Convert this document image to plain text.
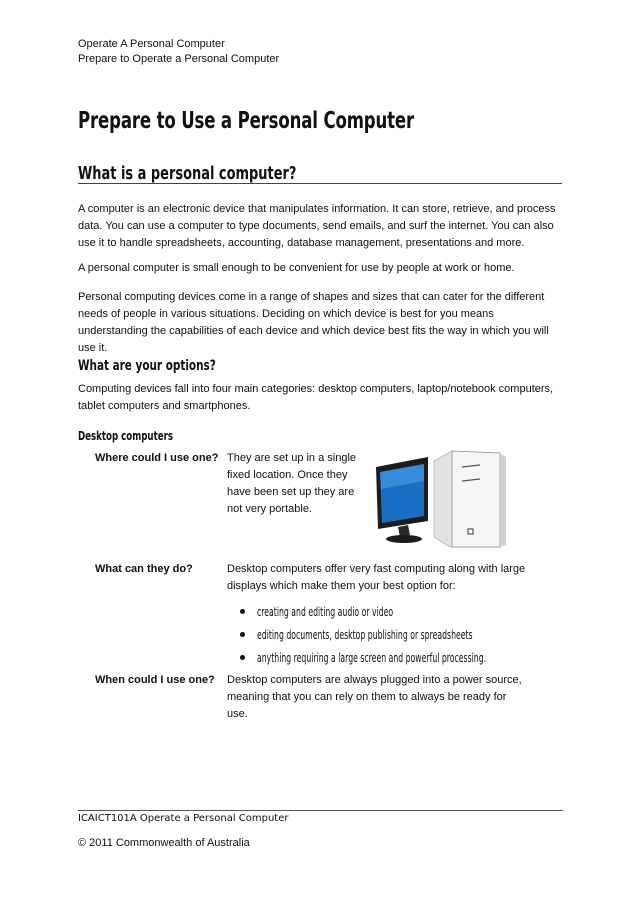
Operate A Personal Computer
Prepare to Operate a Personal Computer
Prepare to Use a Personal Computer
What is a personal computer?

A computer is an electronic device that manipulates information. It can store, retrieve, and process data. You can use a computer to type documents, send emails, and surf the internet. You can also use it to handle spreadsheets, accounting, database management, presentations and more.

A personal computer is small enough to be convenient for use by people at work or home.

Personal computing devices come in a range of shapes and sizes that can cater for the different needs of people in various situations. Deciding on which device is best for you means understanding the capabilities of each device and which device best fits the way in which you will use it.

What are your options?

Computing devices fall into four main categories: desktop computers, laptop/notebook computers, tablet computers and smartphones.

Desktop computers
Where could I use one? They are set up in a single fixed location. Once they have been set up they are not very portable.
What can they do?	Desktop computers offer very fast computing along with large displays which make them your best option for:
creating and editing audio or video
editing documents, desktop publishing or spreadsheets
anything requiring a large screen and powerful processing.
When could I use one? Desktop computers are always plugged into a power source, meaning that you can rely on them to always be ready for use.
ICAICT101A Operate a Personal Computer
© 2011 Commonwealth of Australia
